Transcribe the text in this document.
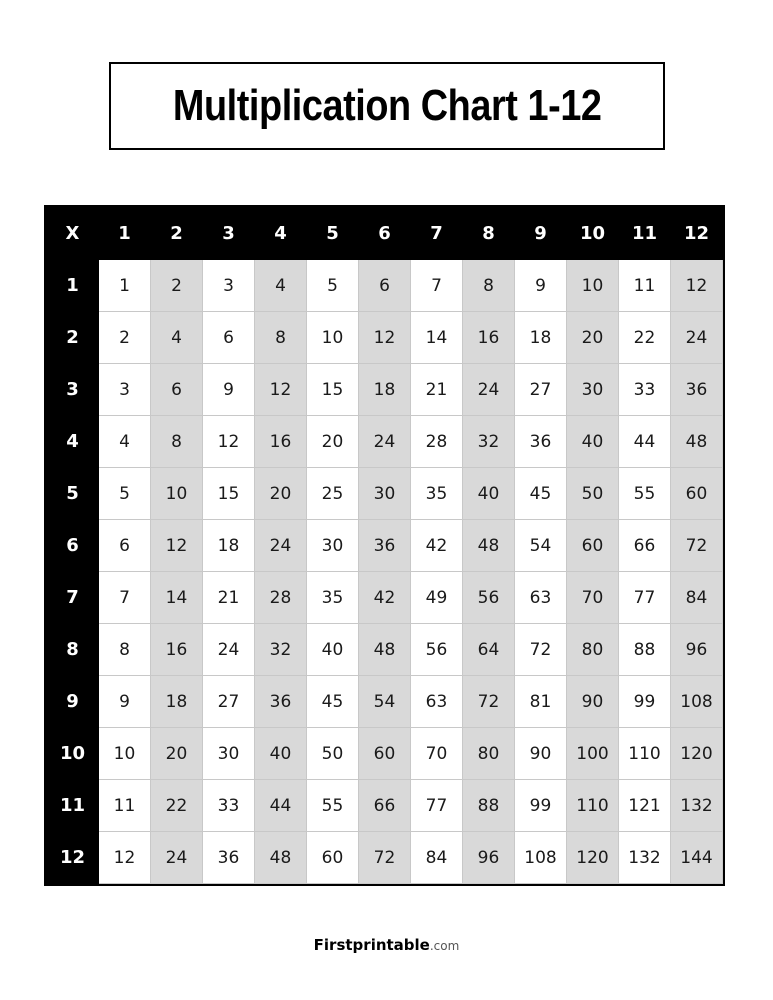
Multiplication Chart 1-12
X	1	2	3	4	5	6	7	8	9	10	11	12
1	1	2	3	4	5	6	7	8	9	10	11	12
2	2	4	6	8	10	12	14	16	18	20	22	24
3	3	6	9	12	15	18	21	24	27	30	33	36
4	4	8	12	16	20	24	28	32	36	40	44	48
5	5	10	15	20	25	30	35	40	45	50	55	60
6	6	12	18	24	30	36	42	48	54	60	66	72
7	7	14	21	28	35	42	49	56	63	70	77	84
8	8	16	24	32	40	48	56	64	72	80	88	96
9	9	18	27	36	45	54	63	72	81	90	99	108
10	10	20	30	40	50	60	70	80	90	100	110	120
11	11	22	33	44	55	66	77	88	99	110	121	132
12	12	24	36	48	60	72	84	96	108	120	132	144
Firstprintable.com
